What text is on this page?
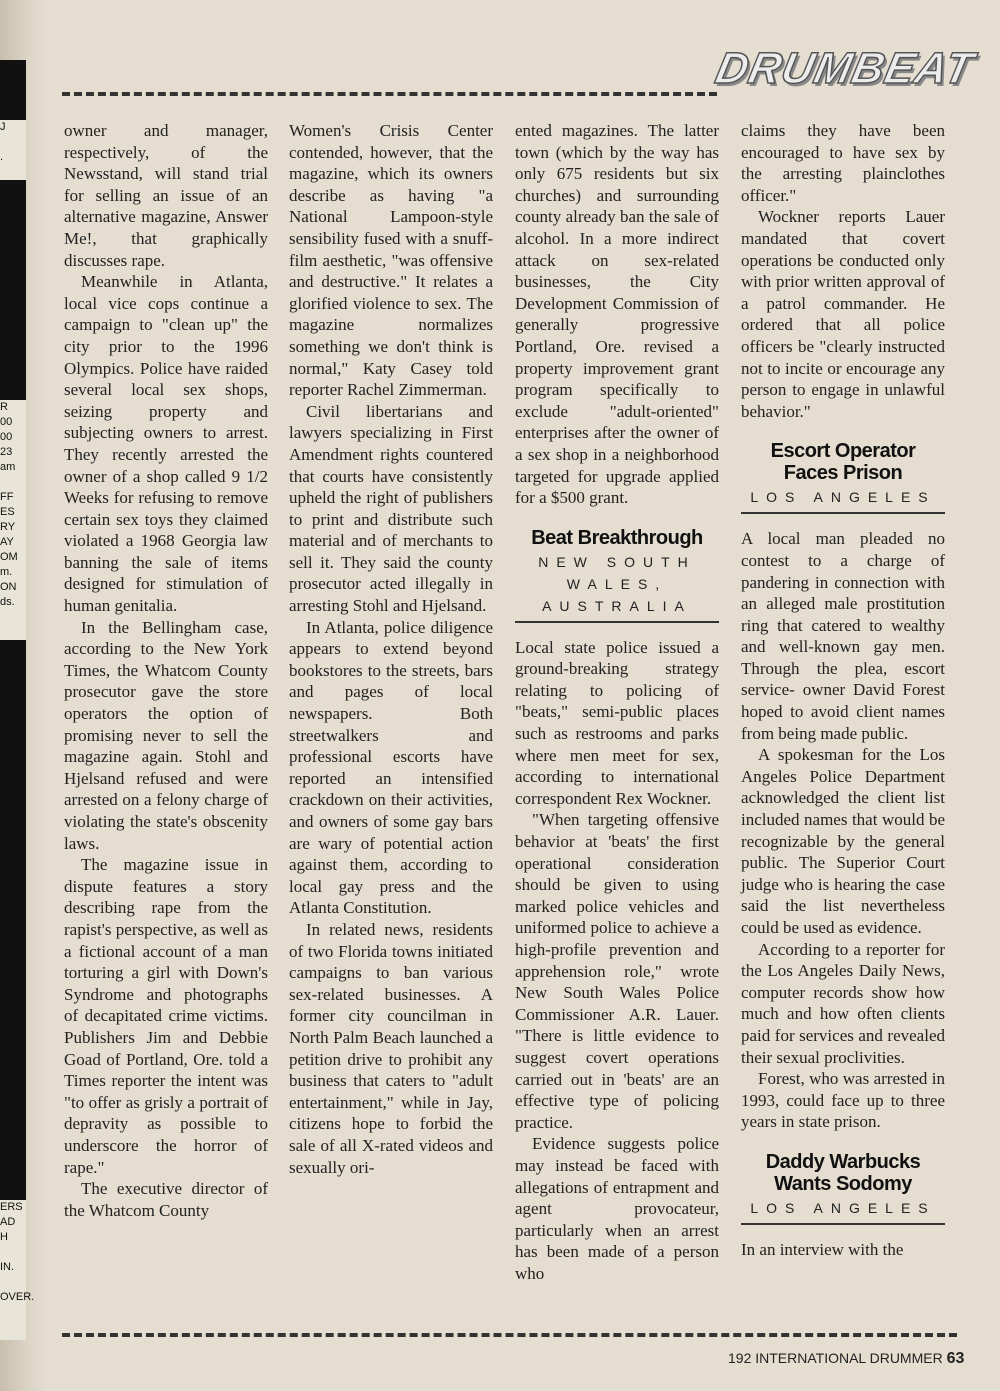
J

.
R
00
00
23
am

FF
ES
RY
AY
OM
m.
ON
ds.
ERS
AD
H

IN.

OVER.
DRUMBEAT

owner and manager, respectively, of the Newsstand, will stand trial for selling an issue of an alternative magazine, Answer Me!, that graphically discusses rape.

Meanwhile in Atlanta, local vice cops continue a campaign to "clean up" the city prior to the 1996 Olympics. Police have raided several local sex shops, seizing property and subjecting owners to arrest. They recently arrested the owner of a shop called 9 1/2 Weeks for refusing to remove certain sex toys they claimed violated a 1968 Georgia law banning the sale of items designed for stimulation of human genitalia.

In the Bellingham case, according to the New York Times, the Whatcom County prosecutor gave the store operators the option of promising never to sell the magazine again. Stohl and Hjelsand refused and were arrested on a felony charge of violating the state's obscenity laws.

The magazine issue in dispute features a story describing rape from the rapist's perspective, as well as a fictional account of a man torturing a girl with Down's Syndrome and photographs of decapitated crime victims. Publishers Jim and Debbie Goad of Portland, Ore. told a Times reporter the intent was "to offer as grisly a portrait of depravity as possible to underscore the horror of rape."

The executive director of the Whatcom County

Women's Crisis Center contended, however, that the magazine, which its owners describe as having "a National Lampoon-style sensibility fused with a snuff-film aesthetic, "was offensive and destructive." It relates a glorified violence to sex. The magazine normalizes something we don't think is normal," Katy Casey told reporter Rachel Zimmerman.

Civil libertarians and lawyers specializing in First Amendment rights countered that courts have consistently upheld the right of publishers to print and distribute such material and of merchants to sell it. They said the county prosecutor acted illegally in arresting Stohl and Hjelsand.

In Atlanta, police diligence appears to extend beyond bookstores to the streets, bars and pages of local newspapers. Both streetwalkers and professional escorts have reported an intensified crackdown on their activities, and owners of some gay bars are wary of potential action against them, according to local gay press and the Atlanta Constitution.

In related news, residents of two Florida towns initiated campaigns to ban various sex-related businesses. A former city councilman in North Palm Beach launched a petition drive to prohibit any business that caters to "adult entertainment," while in Jay, citizens hope to forbid the sale of all X-rated videos and sexually ori-

ented magazines. The latter town (which by the way has only 675 residents but six churches) and surrounding county already ban the sale of alcohol. In a more indirect attack on sex-related businesses, the City Development Commission of generally progressive Portland, Ore. revised a property improvement grant program specifically to exclude "adult-oriented" enterprises after the owner of a sex shop in a neighborhood targeted for upgrade applied for a $500 grant.

Beat Breakthrough
NEW SOUTH WALES,
AUSTRALIA

Local state police issued a ground-breaking strategy relating to policing of "beats," semi-public places such as restrooms and parks where men meet for sex, according to international correspondent Rex Wockner.

"When targeting offensive behavior at 'beats' the first operational consideration should be given to using marked police vehicles and uniformed police to achieve a high-profile prevention and apprehension role," wrote New South Wales Police Commissioner A.R. Lauer. "There is little evidence to suggest covert operations carried out in 'beats' are an effective type of policing practice.

Evidence suggests police may instead be faced with allegations of entrapment and agent provocateur, particularly when an arrest has been made of a person who

claims they have been encouraged to have sex by the arresting plainclothes officer."

Wockner reports Lauer mandated that covert operations be conducted only with prior written approval of a patrol commander. He ordered that all police officers be "clearly instructed not to incite or encourage any person to engage in unlawful behavior."

Escort Operator
Faces Prison
LOS ANGELES

A local man pleaded no contest to a charge of pandering in connection with an alleged male prostitution ring that catered to wealthy and well-known gay men. Through the plea, escort service- owner David Forest hoped to avoid client names from being made public.

A spokesman for the Los Angeles Police Department acknowledged the client list included names that would be recognizable by the general public. The Superior Court judge who is hearing the case said the list nevertheless could be used as evidence.

According to a reporter for the Los Angeles Daily News, computer records show how much and how often clients paid for services and revealed their sexual proclivities.

Forest, who was arrested in 1993, could face up to three years in state prison.

Daddy Warbucks
Wants Sodomy
LOS ANGELES

In an interview with the

192 INTERNATIONAL DRUMMER 63
